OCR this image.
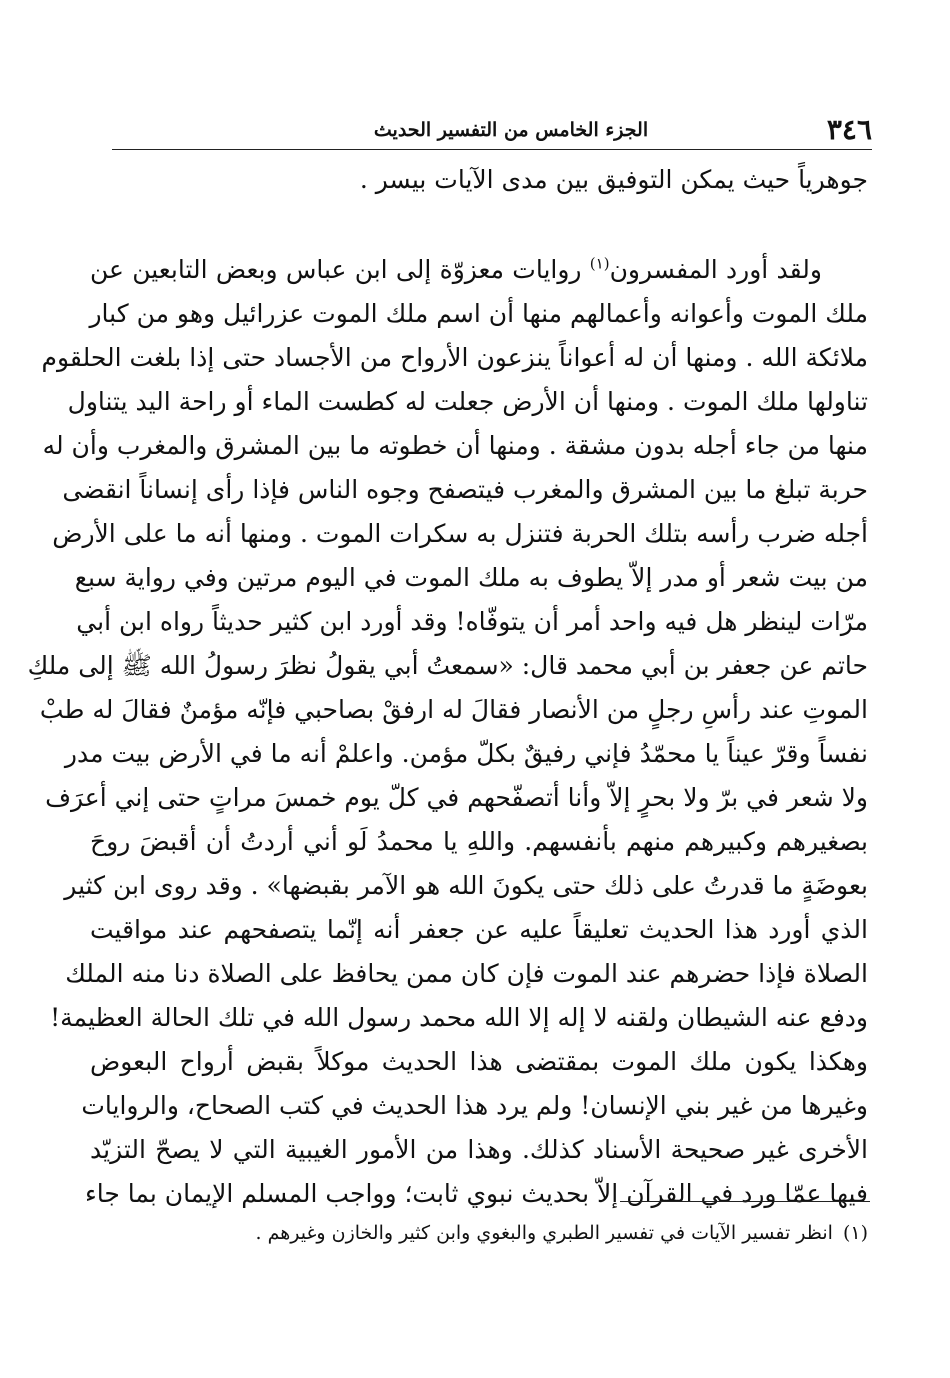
٣٤٦
الجزء الخامس من التفسير الحديث
جوهرياً حيث يمكن التوفيق بين مدى الآيات بيسر .
ولقد أورد المفسرون$^{(١)}$ روايات معزوّة إلى ابن عباس وبعض التابعين عن
ملك الموت وأعوانه وأعمالهم منها أن اسم ملك الموت عزرائيل وهو من كبار
ملائكة الله . ومنها أن له أعواناً ينزعون الأرواح من الأجساد حتى إذا بلغت الحلقوم
تناولها ملك الموت . ومنها أن الأرض جعلت له كطست الماء أو راحة اليد يتناول
منها من جاء أجله بدون مشقة . ومنها أن خطوته ما بين المشرق والمغرب وأن له
حربة تبلغ ما بين المشرق والمغرب فيتصفح وجوه الناس فإذا رأى إنساناً انقضى
أجله ضرب رأسه بتلك الحربة فتنزل به سكرات الموت . ومنها أنه ما على الأرض
من بيت شعر أو مدر إلاّ يطوف به ملك الموت في اليوم مرتين وفي رواية سبع
مرّات لينظر هل فيه واحد أمر أن يتوفّاه! وقد أورد ابن كثير حديثاً رواه ابن أبي
حاتم عن جعفر بن أبي محمد قال: «سمعتُ أبي يقولُ نظرَ رسولُ الله ﷺ إلى ملكِ
الموتِ عند رأسِ رجلٍ من الأنصار فقالَ له ارفقْ بصاحبي فإنّه مؤمنٌ فقالَ له طبْ
نفساً وقرّ عيناً يا محمّدُ فإني رفيقٌ بكلّ مؤمن. واعلمْ أنه ما في الأرض بيت مدر
ولا شعر في برّ ولا بحرٍ إلاّ وأنا أتصفّحهم في كلّ يوم خمسَ مراتٍ حتى إني أعرَف
بصغيرهم وكبيرهم منهم بأنفسهم. واللهِ يا محمدُ لَو أني أردتُ أن أقبضَ روحَ
بعوضَةٍ ما قدرتُ على ذلك حتى يكونَ الله هو الآمر بقبضها» . وقد روى ابن كثير
الذي أورد هذا الحديث تعليقاً عليه عن جعفر أنه إنّما يتصفحهم عند مواقيت
الصلاة فإذا حضرهم عند الموت فإن كان ممن يحافظ على الصلاة دنا منه الملك
ودفع عنه الشيطان ولقنه لا إله إلا الله محمد رسول الله في تلك الحالة العظيمة!
وهكذا يكون ملك الموت بمقتضى هذا الحديث موكلاً بقبض أرواح البعوض
وغيرها من غير بني الإنسان! ولم يرد هذا الحديث في كتب الصحاح، والروايات
الأخرى غير صحيحة الأسناد كذلك. وهذا من الأمور الغيبية التي لا يصحّ التزيّد
فيها عمّا ورد في القرآن إلاّ بحديث نبوي ثابت؛ وواجب المسلم الإيمان بما جاء
(١)انظر تفسير الآيات في تفسير الطبري والبغوي وابن كثير والخازن وغيرهم .
